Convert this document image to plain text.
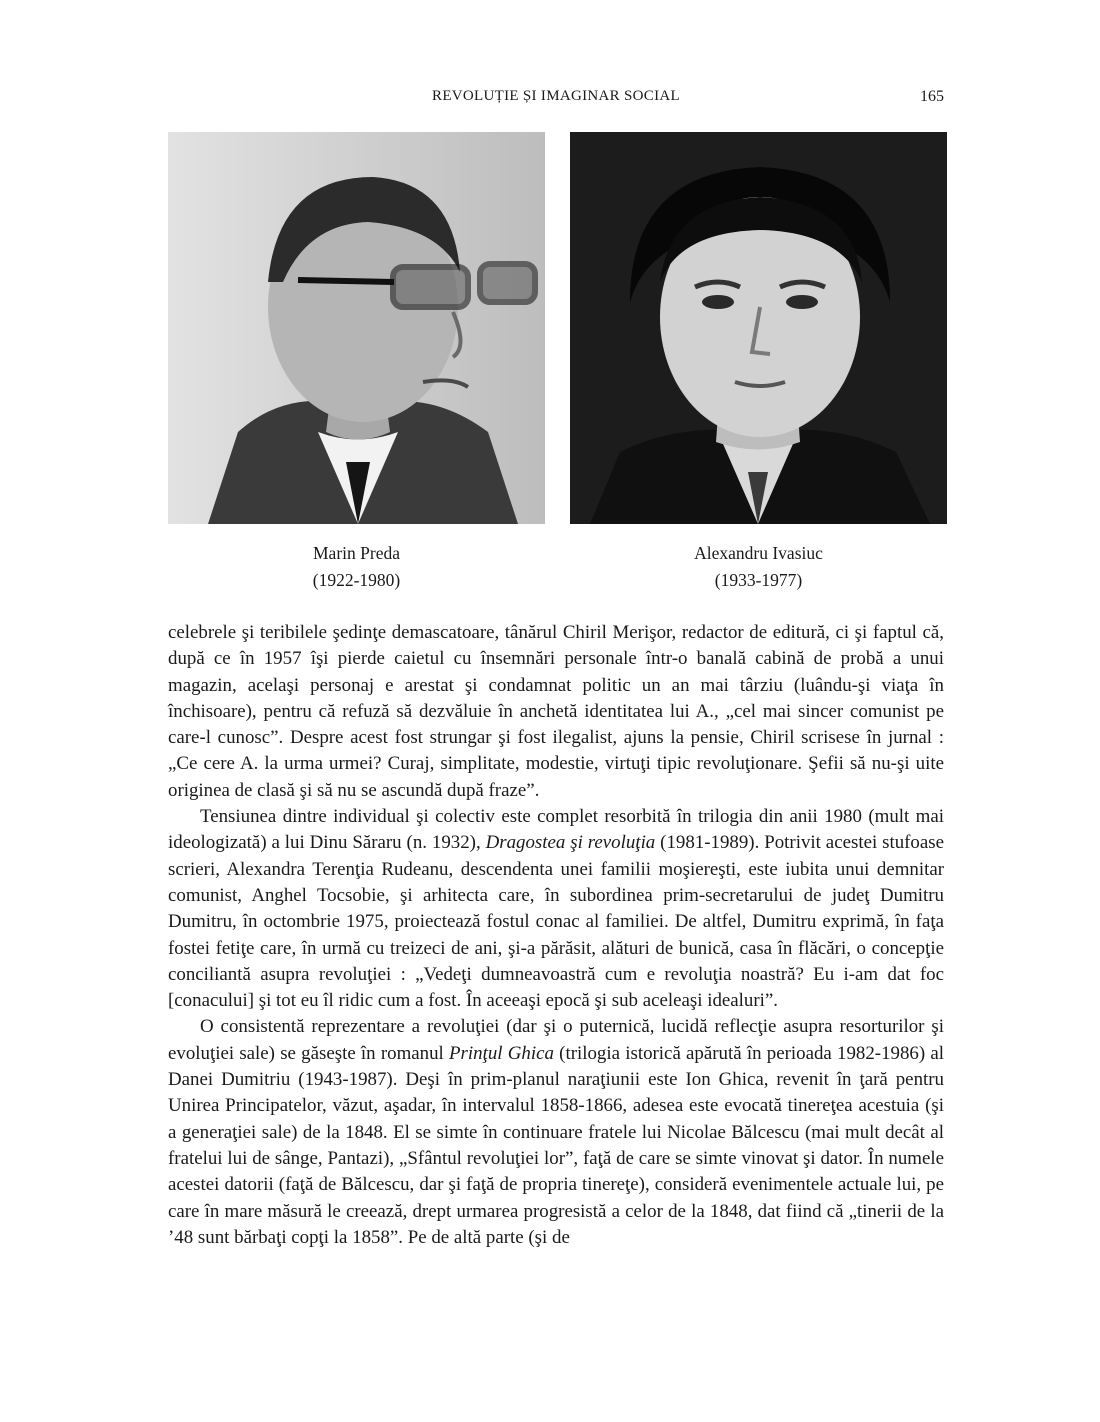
REVOLUȚIE ȘI IMAGINAR SOCIAL	165
Marin Preda
(1922-1980)
Alexandru Ivasiuc
(1933-1977)

celebrele şi teribilele şedinţe demascatoare, tânărul Chiril Merişor, redactor de editură, ci şi faptul că, după ce în 1957 îşi pierde caietul cu însemnări personale într-o banală cabină de probă a unui magazin, acelaşi personaj e arestat şi condamnat politic un an mai târziu (luându-şi viaţa în închisoare), pentru că refuză să dezvăluie în anchetă identitatea lui A., „cel mai sincer comunist pe care-l cunosc”. Despre acest fost strungar şi fost ilegalist, ajuns la pensie, Chiril scrisese în jurnal : „Ce cere A. la urma urmei? Curaj, simplitate, modestie, virtuţi tipic revoluţionare. Şefii să nu-şi uite originea de clasă şi să nu se ascundă după fraze”.

Tensiunea dintre individual şi colectiv este complet resorbită în trilogia din anii 1980 (mult mai ideologizată) a lui Dinu Săraru (n. 1932), Dragostea şi revoluţia (1981-1989). Potrivit acestei stufoase scrieri, Alexandra Terenţia Rudeanu, descendenta unei familii moşiereşti, este iubita unui demnitar comunist, Anghel Tocsobie, şi arhitecta care, în subordinea prim-secretarului de judeţ Dumitru Dumitru, în octombrie 1975, proiectează fostul conac al familiei. De altfel, Dumitru exprimă, în faţa fostei fetiţe care, în urmă cu treizeci de ani, şi-a părăsit, alături de bunică, casa în flăcări, o concepţie conciliantă asupra revoluţiei : „Vedeţi dumneavoastră cum e revoluţia noastră? Eu i-am dat foc [conacului] şi tot eu îl ridic cum a fost. În aceeaşi epocă şi sub aceleaşi idealuri”.

O consistentă reprezentare a revoluţiei (dar şi o puternică, lucidă reflecţie asupra resorturilor şi evoluţiei sale) se găseşte în romanul Prinţul Ghica (trilogia istorică apărută în perioada 1982-1986) al Danei Dumitriu (1943-1987). Deşi în prim-planul naraţiunii este Ion Ghica, revenit în ţară pentru Unirea Principatelor, văzut, aşadar, în intervalul 1858-1866, adesea este evocată tinereţea acestuia (şi a generaţiei sale) de la 1848. El se simte în continuare fratele lui Nicolae Bălcescu (mai mult decât al fratelui lui de sânge, Pantazi), „Sfântul revoluţiei lor”, faţă de care se simte vinovat şi dator. În numele acestei datorii (faţă de Bălcescu, dar şi faţă de propria tinereţe), consideră evenimentele actuale lui, pe care în mare măsură le creează, drept urmarea progresistă a celor de la 1848, dat fiind că „tinerii de la ’48 sunt bărbaţi copţi la 1858”. Pe de altă parte (şi de
